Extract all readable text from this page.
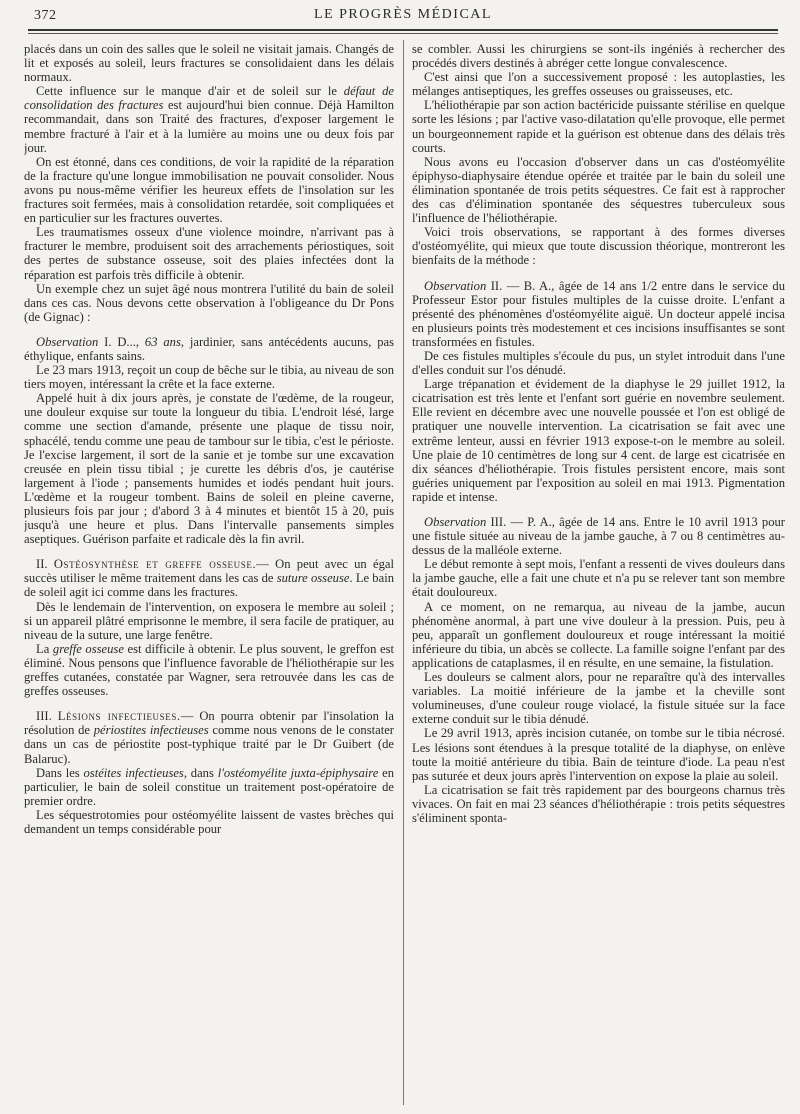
372	LE PROGRÈS MÉDICAL

placés dans un coin des salles que le soleil ne visitait jamais. Changés de lit et exposés au soleil, leurs fractures se consolidaient dans les délais normaux.

Cette influence sur le manque d'air et de soleil sur le défaut de consolidation des fractures est aujourd'hui bien connue. Déjà Hamilton recommandait, dans son Traité des fractures, d'exposer largement le membre fracturé à l'air et à la lumière au moins une ou deux fois par jour.

On est étonné, dans ces conditions, de voir la rapidité de la réparation de la fracture qu'une longue immobilisation ne pouvait consolider. Nous avons pu nous-même vérifier les heureux effets de l'insolation sur les fractures soit fermées, mais à consolidation retardée, soit compliquées et en particulier sur les fractures ouvertes.

Les traumatismes osseux d'une violence moindre, n'arrivant pas à fracturer le membre, produisent soit des arrachements périostiques, soit des pertes de substance osseuse, soit des plaies infectées dont la réparation est parfois très difficile à obtenir.

Un exemple chez un sujet âgé nous montrera l'utilité du bain de soleil dans ces cas. Nous devons cette observation à l'obligeance du Dr Pons (de Gignac) :

Observation I. D..., 63 ans, jardinier, sans antécédents aucuns, pas éthylique, enfants sains.

Le 23 mars 1913, reçoit un coup de bêche sur le tibia, au niveau de son tiers moyen, intéressant la crête et la face externe.

Appelé huit à dix jours après, je constate de l'œdème, de la rougeur, une douleur exquise sur toute la longueur du tibia. L'endroit lésé, large comme une section d'amande, présente une plaque de tissu noir, sphacélé, tendu comme une peau de tambour sur le tibia, c'est le périoste. Je l'excise largement, il sort de la sanie et je tombe sur une excavation creusée en plein tissu tibial ; je curette les débris d'os, je cautérise largement à l'iode ; pansements humides et iodés pendant huit jours. L'œdème et la rougeur tombent. Bains de soleil en pleine caverne, plusieurs fois par jour ; d'abord 3 à 4 minutes et bientôt 15 à 20, puis jusqu'à une heure et plus. Dans l'intervalle pansements simples aseptiques. Guérison parfaite et radicale dès la fin avril.

II. Ostéosynthèse et greffe osseuse.— On peut avec un égal succès utiliser le même traitement dans les cas de suture osseuse. Le bain de soleil agit ici comme dans les fractures.

Dès le lendemain de l'intervention, on exposera le membre au soleil ; si un appareil plâtré emprisonne le membre, il sera facile de pratiquer, au niveau de la suture, une large fenêtre.

La greffe osseuse est difficile à obtenir. Le plus souvent, le greffon est éliminé. Nous pensons que l'influence favorable de l'héliothérapie sur les greffes cutanées, constatée par Wagner, sera retrouvée dans les cas de greffes osseuses.

III. Lésions infectieuses.— On pourra obtenir par l'insolation la résolution de périostites infectieuses comme nous venons de le constater dans un cas de périostite post-typhique traité par le Dr Guibert (de Balaruc).

Dans les ostéites infectieuses, dans l'ostéomyélite juxta-épiphysaire en particulier, le bain de soleil constitue un traitement post-opératoire de premier ordre.

Les séquestrotomies pour ostéomyélite laissent de vastes brèches qui demandent un temps considérable pour

se combler. Aussi les chirurgiens se sont-ils ingéniés à rechercher des procédés divers destinés à abréger cette longue convalescence.

C'est ainsi que l'on a successivement proposé : les autoplasties, les mélanges antiseptiques, les greffes osseuses ou graisseuses, etc.

L'héliothérapie par son action bactéricide puissante stérilise en quelque sorte les lésions ; par l'active vaso-dilatation qu'elle provoque, elle permet un bourgeonnement rapide et la guérison est obtenue dans des délais très courts.

Nous avons eu l'occasion d'observer dans un cas d'ostéomyélite épiphyso-diaphysaire étendue opérée et traitée par le bain du soleil une élimination spontanée de trois petits séquestres. Ce fait est à rapprocher des cas d'élimination spontanée des séquestres tuberculeux sous l'influence de l'héliothérapie.

Voici trois observations, se rapportant à des formes diverses d'ostéomyélite, qui mieux que toute discussion théorique, montreront les bienfaits de la méthode :

Observation II. — B. A., âgée de 14 ans 1/2 entre dans le service du Professeur Estor pour fistules multiples de la cuisse droite. L'enfant a présenté des phénomènes d'ostéomyélite aiguë. Un docteur appelé incisa en plusieurs points très modestement et ces incisions insuffisantes se sont transformées en fistules.

De ces fistules multiples s'écoule du pus, un stylet introduit dans l'une d'elles conduit sur l'os dénudé.

Large trépanation et évidement de la diaphyse le 29 juillet 1912, la cicatrisation est très lente et l'enfant sort guérie en novembre seulement. Elle revient en décembre avec une nouvelle poussée et l'on est obligé de pratiquer une nouvelle intervention. La cicatrisation se fait avec une extrême lenteur, aussi en février 1913 expose-t-on le membre au soleil. Une plaie de 10 centimètres de long sur 4 cent. de large est cicatrisée en dix séances d'héliothérapie. Trois fistules persistent encore, mais sont guéries uniquement par l'exposition au soleil en mai 1913. Pigmentation rapide et intense.

Observation III. — P. A., âgée de 14 ans. Entre le 10 avril 1913 pour une fistule située au niveau de la jambe gauche, à 7 ou 8 centimètres au-dessus de la malléole externe.

Le début remonte à sept mois, l'enfant a ressenti de vives douleurs dans la jambe gauche, elle a fait une chute et n'a pu se relever tant son membre était douloureux.

A ce moment, on ne remarqua, au niveau de la jambe, aucun phénomène anormal, à part une vive douleur à la pression. Puis, peu à peu, apparaît un gonflement douloureux et rouge intéressant la moitié inférieure du tibia, un abcès se collecte. La famille soigne l'enfant par des applications de cataplasmes, il en résulte, en une semaine, la fistulation.

Les douleurs se calment alors, pour ne reparaître qu'à des intervalles variables. La moitié inférieure de la jambe et la cheville sont volumineuses, d'une couleur rouge violacé, la fistule située sur la face externe conduit sur le tibia dénudé.

Le 29 avril 1913, après incision cutanée, on tombe sur le tibia nécrosé. Les lésions sont étendues à la presque totalité de la diaphyse, on enlève toute la moitié antérieure du tibia. Bain de teinture d'iode. La peau n'est pas suturée et deux jours après l'intervention on expose la plaie au soleil.

La cicatrisation se fait très rapidement par des bourgeons charnus très vivaces. On fait en mai 23 séances d'héliothérapie : trois petits séquestres s'éliminent sponta-
